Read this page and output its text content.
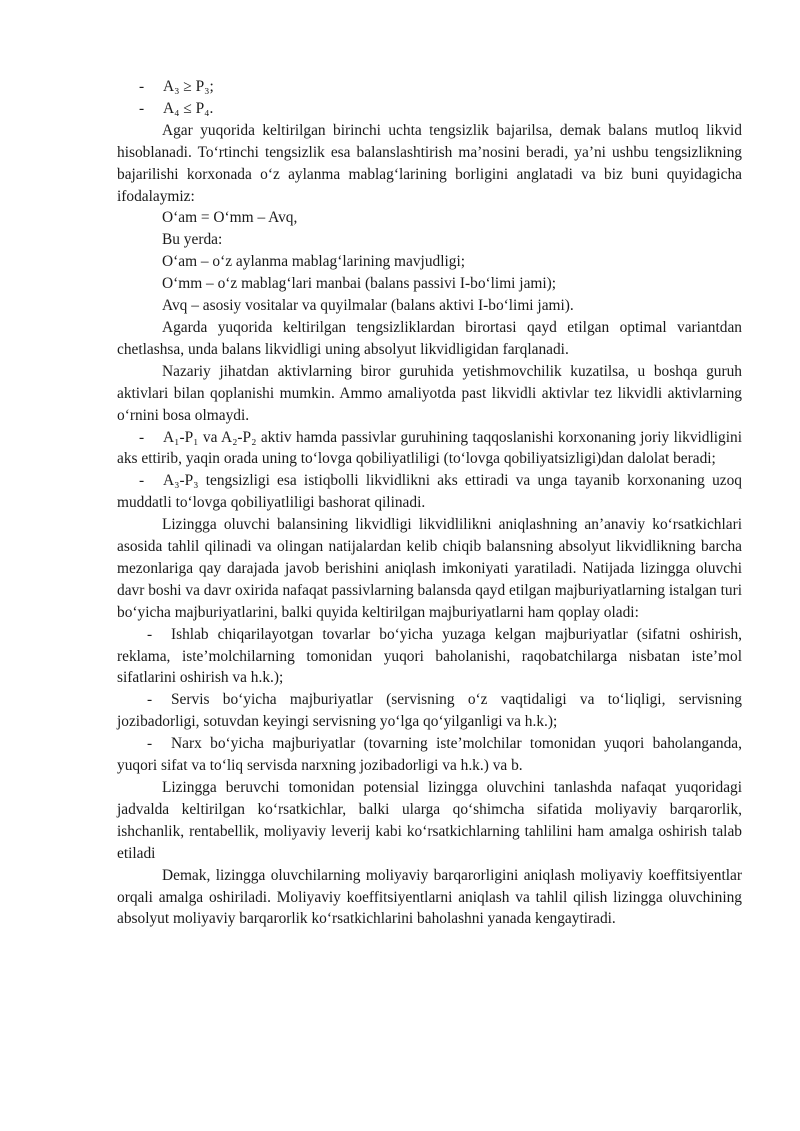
- A₃ ≥ P₃;

- A₄ ≤ P₄.

Agar yuqorida keltirilgan birinchi uchta tengsizlik bajarilsa, demak balans mutloq likvid hisoblanadi. To‘rtinchi tengsizlik esa balanslashtirish ma’nosini beradi, ya’ni ushbu tengsizlikning bajarilishi korxonada o‘z aylanma mablag‘larining borligini anglatadi va biz buni quyidagicha ifodalaymiz:

O‘am = O‘mm – Avq,

Bu yerda:

O‘am – o‘z aylanma mablag‘larining mavjudligi;

O‘mm – o‘z mablag‘lari manbai (balans passivi I-bo‘limi jami);

Avq – asosiy vositalar va quyilmalar (balans aktivi I-bo‘limi jami).

Agarda yuqorida keltirilgan tengsizliklardan birortasi qayd etilgan optimal variantdan chetlashsa, unda balans likvidligi uning absolyut likvidligidan farqlanadi.

Nazariy jihatdan aktivlarning biror guruhida yetishmovchilik kuzatilsa, u boshqa guruh aktivlari bilan qoplanishi mumkin. Ammo amaliyotda past likvidli aktivlar tez likvidli aktivlarning o‘rnini bosa olmaydi.

- A₁-P₁ va A₂-P₂ aktiv hamda passivlar guruhining taqqoslanishi korxonaning joriy likvidligini aks ettirib, yaqin orada uning to‘lovga qobiliyatliligi (to‘lovga qobiliyatsizligi)dan dalolat beradi;

- A₃-P₃ tengsizligi esa istiqbolli likvidlikni aks ettiradi va unga tayanib korxonaning uzoq muddatli to‘lovga qobiliyatliligi bashorat qilinadi.

Lizingga oluvchi balansining likvidligi likvidlilikni aniqlashning an’anaviy ko‘rsatkichlari asosida tahlil qilinadi va olingan natijalardan kelib chiqib balansning absolyut likvidlikning barcha mezonlariga qay darajada javob berishini aniqlash imkoniyati yaratiladi. Natijada lizingga oluvchi davr boshi va davr oxirida nafaqat passivlarning balansda qayd etilgan majburiyatlarning istalgan turi bo‘yicha majburiyatlarini, balki quyida keltirilgan majburiyatlarni ham qoplay oladi:

- Ishlab chiqarilayotgan tovarlar bo‘yicha yuzaga kelgan majburiyatlar (sifatni oshirish, reklama, iste’molchilarning tomonidan yuqori baholanishi, raqobatchilarga nisbatan iste’mol sifatlarini oshirish va h.k.);

- Servis bo‘yicha majburiyatlar (servisning o‘z vaqtidaligi va to‘liqligi, servisning jozibadorligi, sotuvdan keyingi servisning yo‘lga qo‘yilganligi va h.k.);

- Narx bo‘yicha majburiyatlar (tovarning iste’molchilar tomonidan yuqori baholanganda, yuqori sifat va to‘liq servisda narxning jozibadorligi va h.k.) va b.

Lizingga beruvchi tomonidan potensial lizingga oluvchini tanlashda nafaqat yuqoridagi jadvalda keltirilgan ko‘rsatkichlar, balki ularga qo‘shimcha sifatida moliyaviy barqarorlik, ishchanlik, rentabellik, moliyaviy leverij kabi ko‘rsatkichlarning tahlilini ham amalga oshirish talab etiladi

Demak, lizingga oluvchilarning moliyaviy barqarorligini aniqlash moliyaviy koeffitsiyentlar orqali amalga oshiriladi. Moliyaviy koeffitsiyentlarni aniqlash va tahlil qilish lizingga oluvchining absolyut moliyaviy barqarorlik ko‘rsatkichlarini baholashni yanada kengaytiradi.
